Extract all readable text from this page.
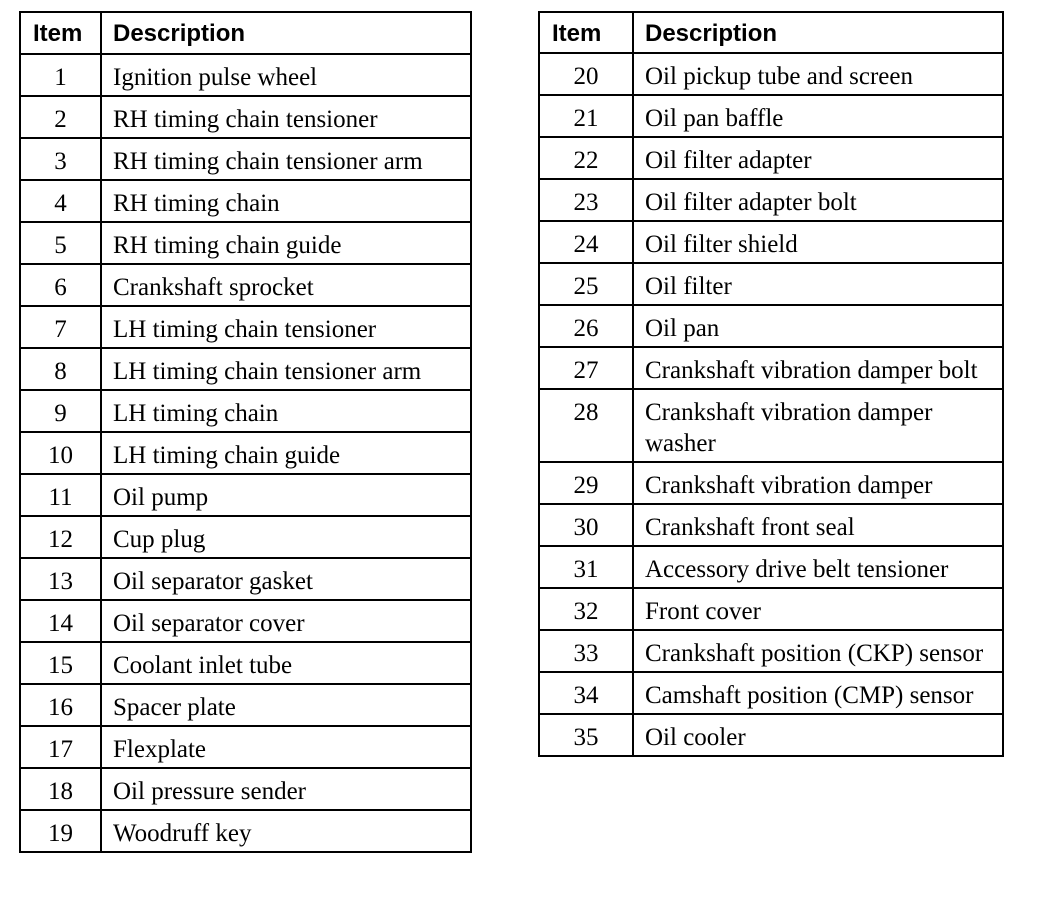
Item	Description
1	Ignition pulse wheel
2	RH timing chain tensioner
3	RH timing chain tensioner arm
4	RH timing chain
5	RH timing chain guide
6	Crankshaft sprocket
7	LH timing chain tensioner
8	LH timing chain tensioner arm
9	LH timing chain
10	LH timing chain guide
11	Oil pump
12	Cup plug
13	Oil separator gasket
14	Oil separator cover
15	Coolant inlet tube
16	Spacer plate
17	Flexplate
18	Oil pressure sender
19	Woodruff key
Item	Description
20	Oil pickup tube and screen
21	Oil pan baffle
22	Oil filter adapter
23	Oil filter adapter bolt
24	Oil filter shield
25	Oil filter
26	Oil pan
27	Crankshaft vibration damper bolt
28	Crankshaft vibration damper washer
29	Crankshaft vibration damper
30	Crankshaft front seal
31	Accessory drive belt tensioner
32	Front cover
33	Crankshaft position (CKP) sensor
34	Camshaft position (CMP) sensor
35	Oil cooler
